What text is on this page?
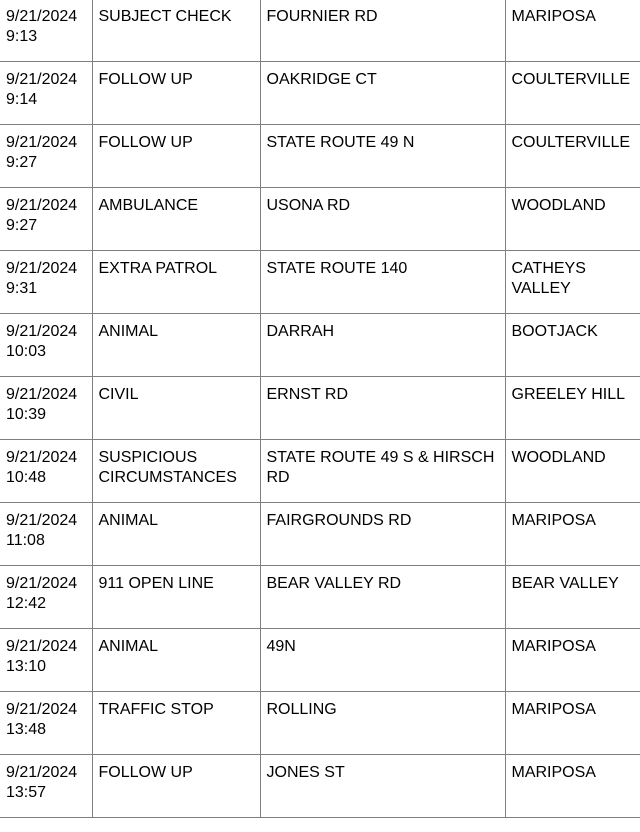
9/21/2024
9:13	SUBJECT CHECK	FOURNIER RD	MARIPOSA

9/21/2024
9:14	FOLLOW UP	OAKRIDGE CT	COULTERVILLE

9/21/2024
9:27	FOLLOW UP	STATE ROUTE 49 N	COULTERVILLE

9/21/2024
9:27	AMBULANCE	USONA RD	WOODLAND

9/21/2024
9:31	EXTRA PATROL	STATE ROUTE 140	CATHEYS VALLEY

9/21/2024
10:03	ANIMAL	DARRAH	BOOTJACK

9/21/2024
10:39	CIVIL	ERNST RD	GREELEY HILL

9/21/2024
10:48	SUSPICIOUS CIRCUMSTANCES	STATE ROUTE 49 S & HIRSCH RD	WOODLAND

9/21/2024
11:08	ANIMAL	FAIRGROUNDS RD	MARIPOSA

9/21/2024
12:42	911 OPEN LINE	BEAR VALLEY RD	BEAR VALLEY

9/21/2024
13:10	ANIMAL	49N	MARIPOSA

9/21/2024
13:48	TRAFFIC STOP	ROLLING	MARIPOSA

9/21/2024
13:57	FOLLOW UP	JONES ST	MARIPOSA
